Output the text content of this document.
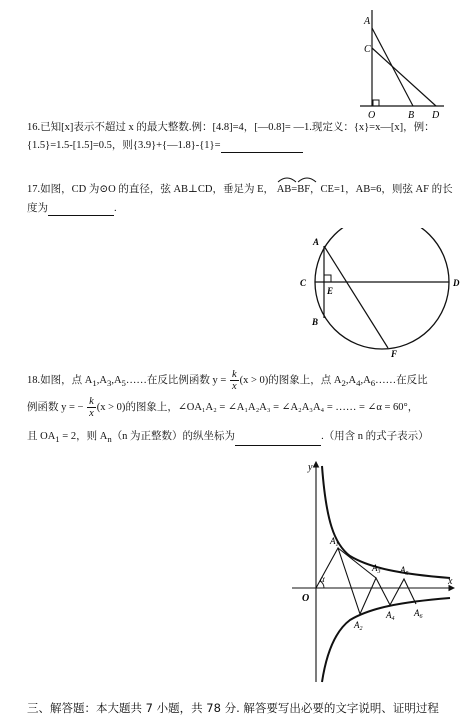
A
C
O	B D
16.已知[x]表示不超过 x 的最大整数.例：[4.8]=4，[—0.8]= —1.现定义：{x}=x—[x]，例：
{1.5}=1.5-[1.5]=0.5，则{3.9}+{—1.8}-{1}=
17.如图，CD 为⊙O 的直径，弦 AB⊥CD，垂足为 E， AB=
BF，CE=1，AB=6，则弦 AF 的长
度为	.
A
C
E
B
D
F
18.如图，点 $A_1,A_3,A_5\dots\dots$在反比例函数 $y = \frac{k}{x} (x > 0)$的图象上，点 $A_2,A_4,A_6\dots\dots$在反比
例函数 y = − $\frac{k}{x} (x > 0)$的图象上，∠OA₁A₂ = ∠A₁A₂A₃ = ∠A₂A₃A₄ = …… = ∠α = 60°，
且 $OA_1 = 2$，则 $A_n(n$ 为正整数）的纵坐标为	.（用含 n 的式子表示）
α
y
x
O
$A_1$
$A_2$
$A_3$
$A_4$
$A_5$
$A_6$
三、解答题：本大题共 7 小题，共 78 分. 解答要写出必要的文字说明、证明过程
